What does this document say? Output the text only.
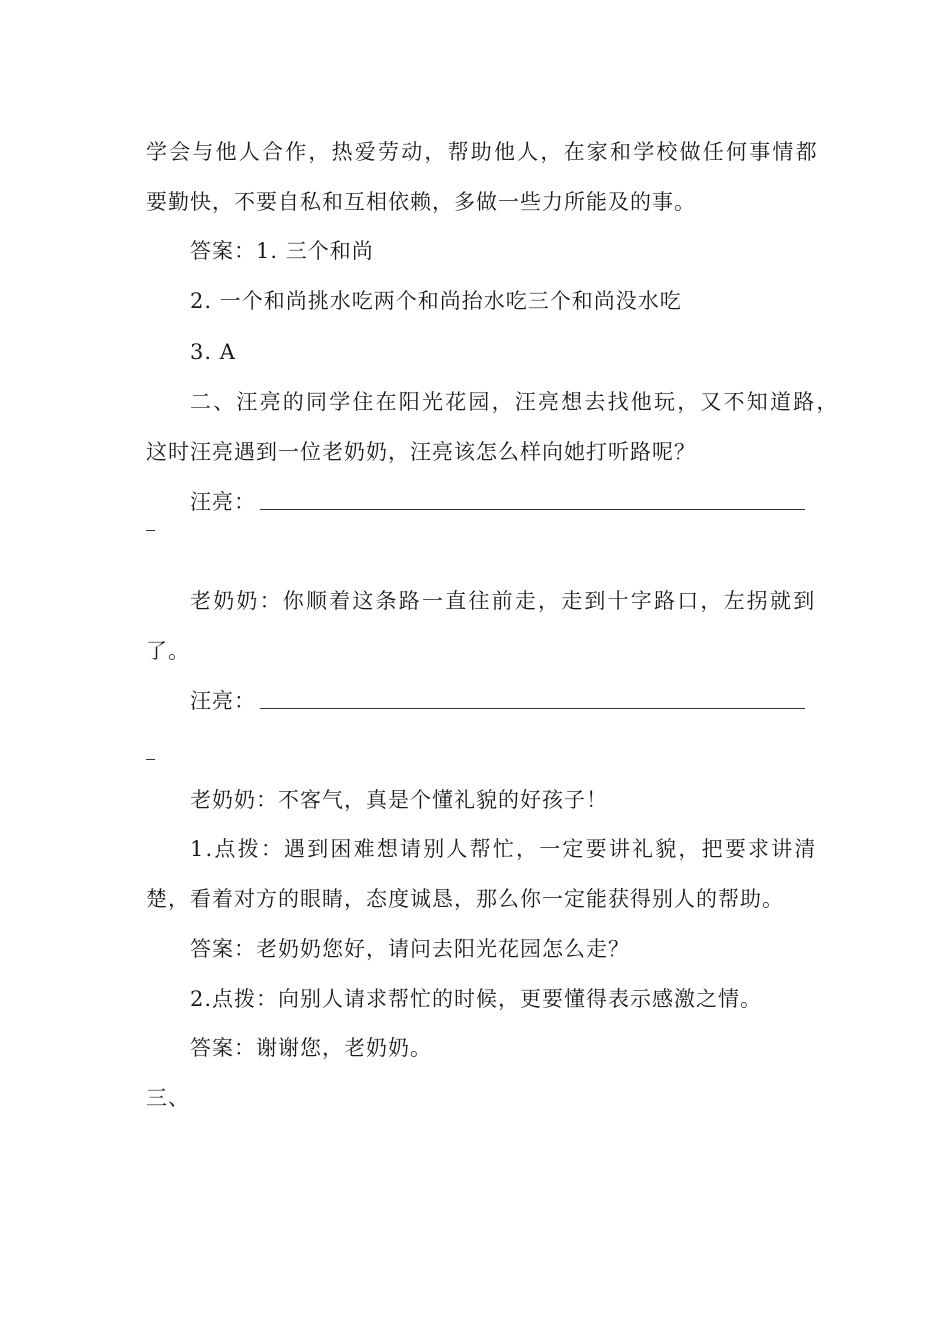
学会与他人合作，热爱劳动，帮助他人，在家和学校做任何事情都
要勤快，不要自私和互相依赖，多做一些力所能及的事。
答案：1. 三个和尚
2. 一个和尚挑水吃两个和尚抬水吃三个和尚没水吃
3. A
二、汪亮的同学住在阳光花园，汪亮想去找他玩，又不知道路，
这时汪亮遇到一位老奶奶，汪亮该怎么样向她打听路呢？
汪亮：
老奶奶：你顺着这条路一直往前走，走到十字路口，左拐就到
了。
汪亮：
老奶奶：不客气，真是个懂礼貌的好孩子！
1.点拨：遇到困难想请别人帮忙，一定要讲礼貌，把要求讲清
楚，看着对方的眼睛，态度诚恳，那么你一定能获得别人的帮助。
答案：老奶奶您好，请问去阳光花园怎么走？
2.点拨：向别人请求帮忙的时候，更要懂得表示感激之情。
答案：谢谢您，老奶奶。
三、
